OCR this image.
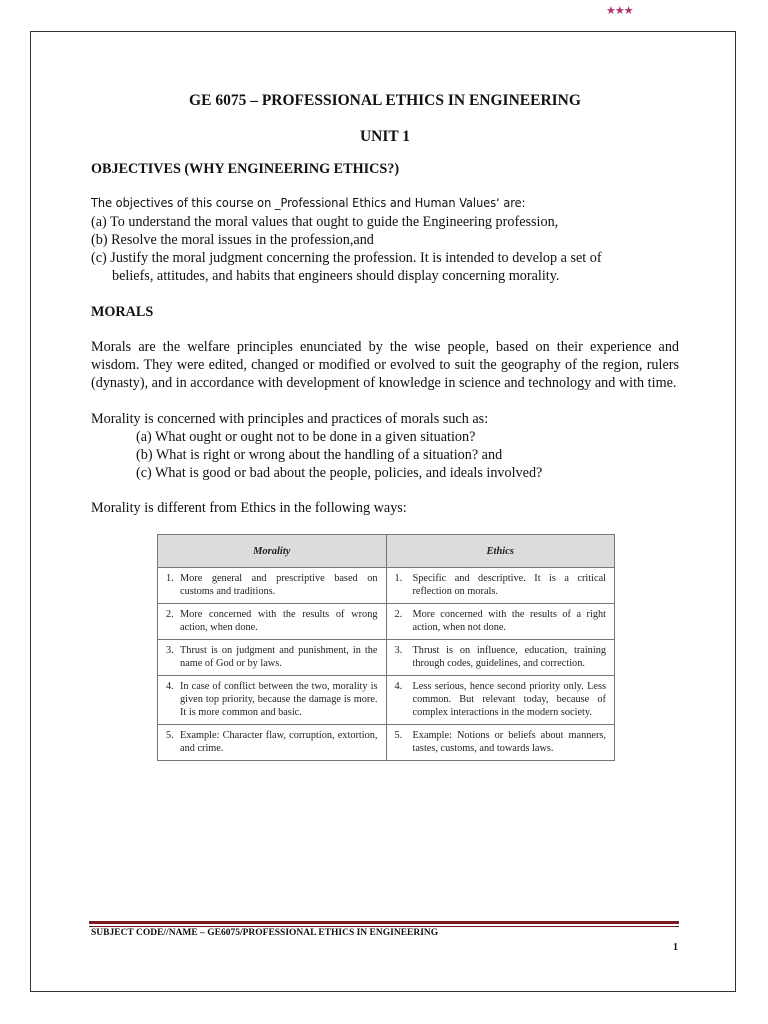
★★★
GE 6075 – PROFESSIONAL ETHICS IN ENGINEERING
UNIT 1
OBJECTIVES (WHY ENGINEERING ETHICS?)
The objectives of this course on _Professional Ethics and Human Values‘ are:
(a) To understand the moral values that ought to guide the Engineering profession,
(b) Resolve the moral issues in the profession,and
(c) Justify the moral judgment concerning the profession. It is intended to develop a set of
beliefs, attitudes, and habits that engineers should display concerning morality.
MORALS

Morals are the welfare principles enunciated by the wise people, based on their experience and wisdom. They were edited, changed or modified or evolved to suit the geography of the region, rulers (dynasty), and in accordance with development of knowledge in science and technology and with time.

Morality is concerned with principles and practices of morals such as:
(a) What ought or ought not to be done in a given situation?
(b) What is right or wrong about the handling of a situation? and
(c) What is good or bad about the people, policies, and ideals involved?
Morality is different from Ethics in the following ways:
Morality	Ethics

1. More general and prescriptive based on customs and traditions.	1. Specific and descriptive. It is a critical reflection on morals.

2. More concerned with the results of wrong action, when done.	2. More concerned with the results of a right action, when not done.

3. Thrust is on judgment and punishment, in the name of God or by laws.	3. Thrust is on influence, education, training through codes, guidelines, and correction.

4. In case of conflict between the two, morality is given top priority, because the damage is more. It is more common and basic.	4. Less serious, hence second priority only. Less common. But relevant today, because of complex interactions in the modern society.

5. Example: Character flaw, corruption, extortion, and crime.	5. Example: Notions or beliefs about manners, tastes, customs, and towards laws.
SUBJECT CODE//NAME – GE6075/PROFESSIONAL ETHICS IN ENGINEERING
1
